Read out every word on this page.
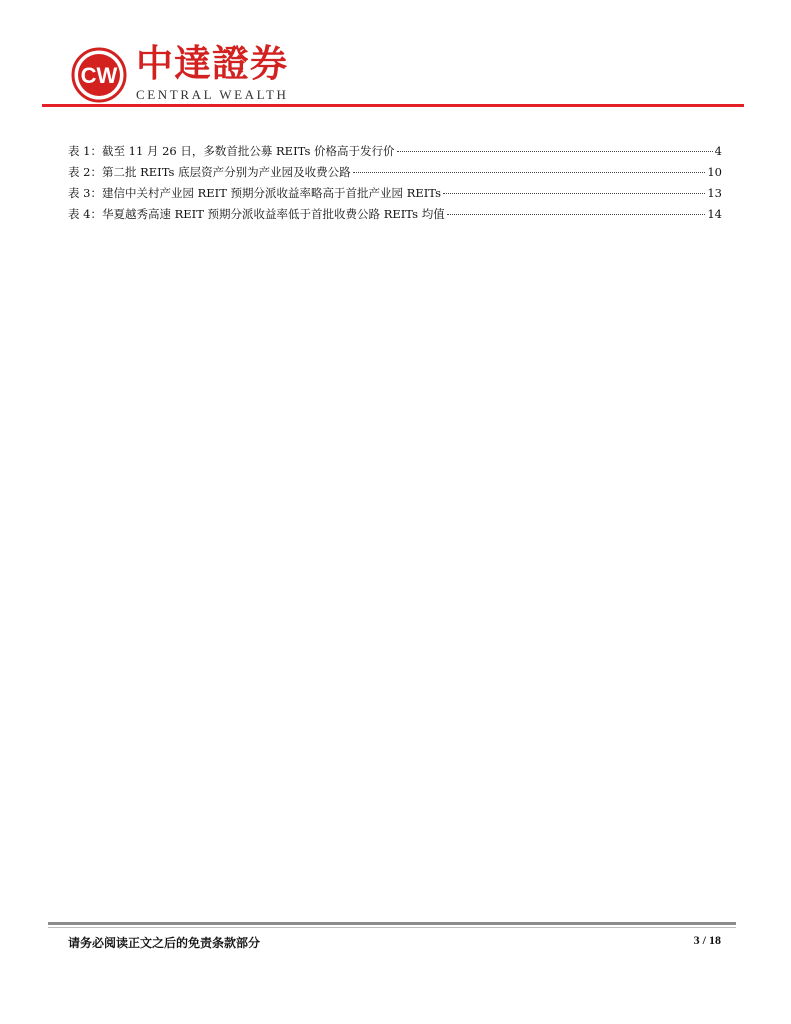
CW 中達證券
CENTRAL WEALTH
表 1：截至 11 月 26 日，多数首批公募 REITs 价格高于发行价	4
表 2：第二批 REITs 底层资产分别为产业园及收费公路	10
表 3：建信中关村产业园 REIT 预期分派收益率略高于首批产业园 REITs	13
表 4：华夏越秀高速 REIT 预期分派收益率低于首批收费公路 REITs 均值	14
请务必阅读正文之后的免责条款部分	3 / 18
